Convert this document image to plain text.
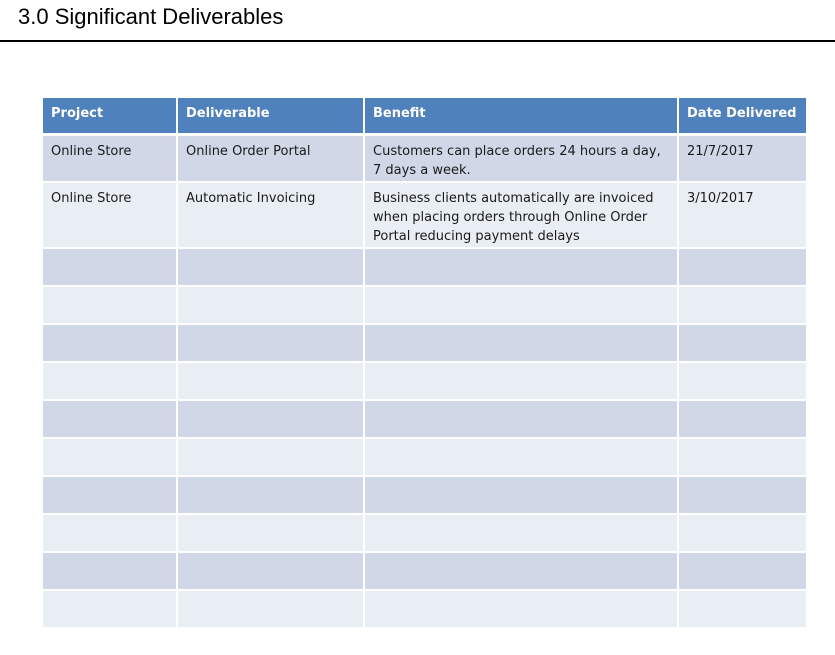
3.0 Significant Deliverables
Project	Deliverable	Benefit	Date Delivered
Online Store	Online Order Portal	Customers can place orders 24 hours a day, 7 days a week.	21/7/2017
Online Store	Automatic Invoicing	Business clients automatically are invoiced when placing orders through Online Order Portal reducing payment delays	3/10/2017
